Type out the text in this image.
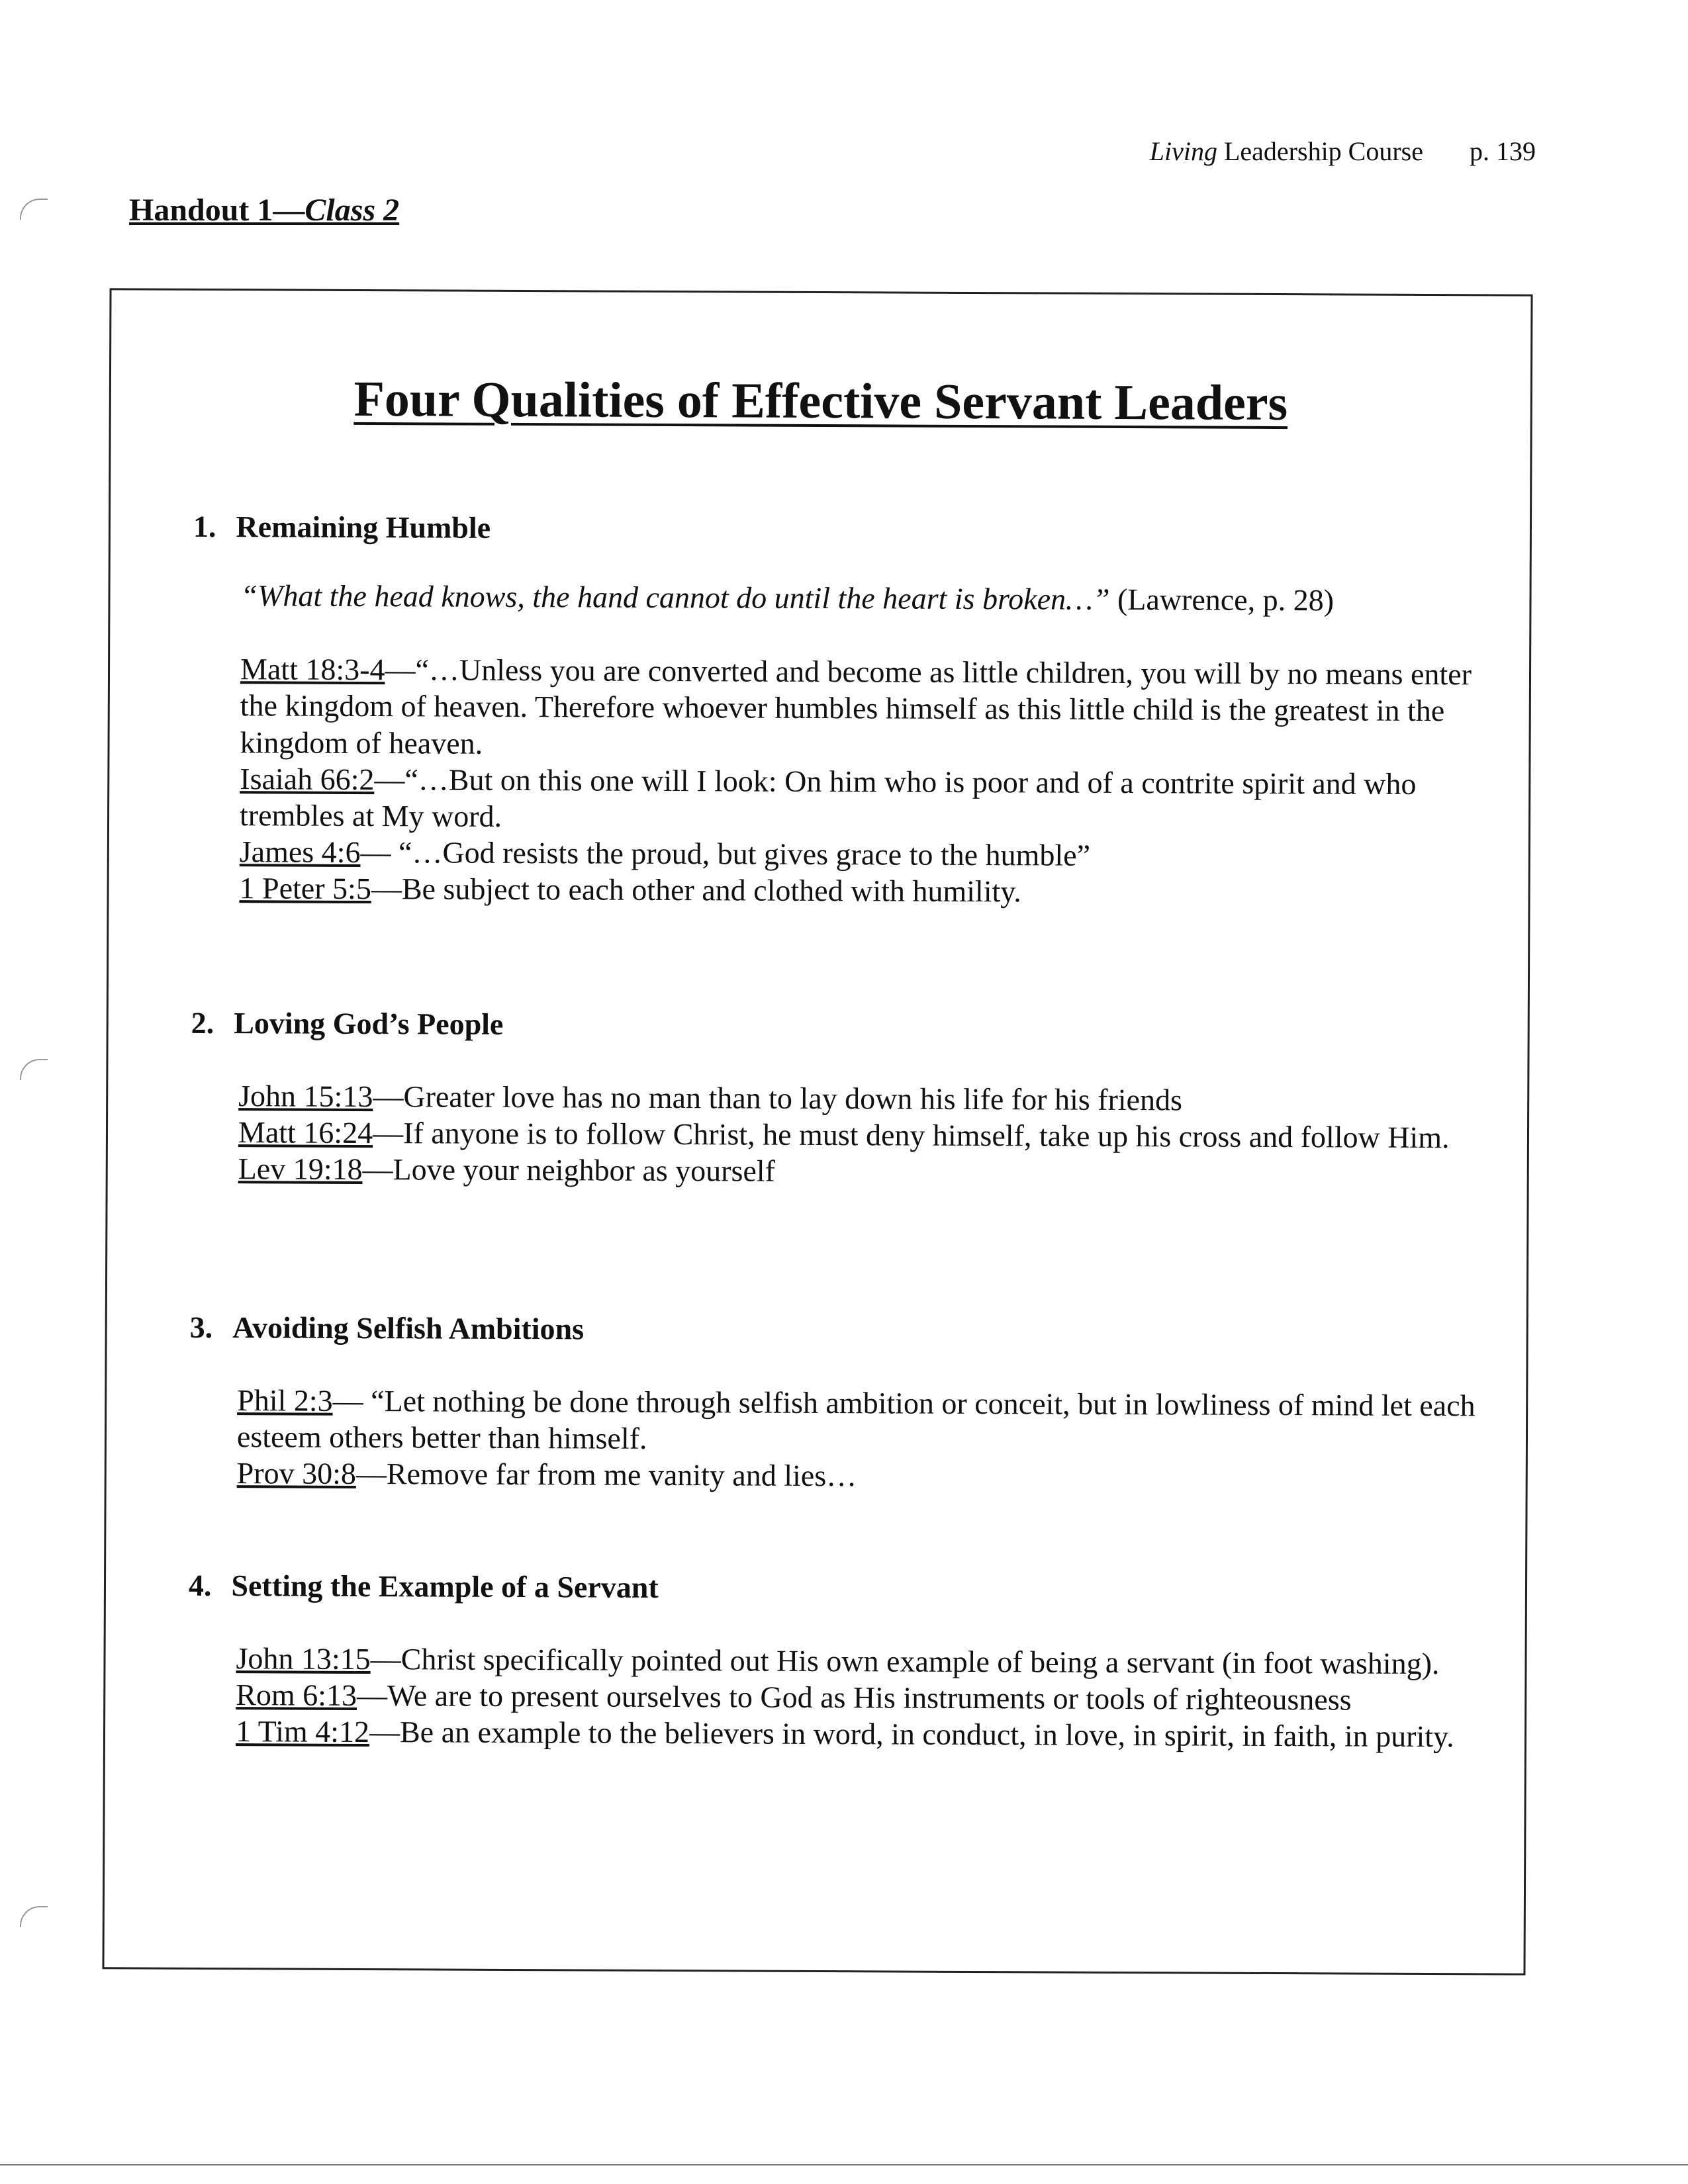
Living Leadership Course p. 139
Handout 1—Class 2
Four Qualities of Effective Servant Leaders
1. Remaining Humble
“What the head knows, the hand cannot do until the heart is broken…” (Lawrence, p. 28)

Matt 18:3-4—“…Unless you are converted and become as little children, you will by no means enter the kingdom of heaven. Therefore whoever humbles himself as this little child is the greatest in the kingdom of heaven.

Isaiah 66:2—“…But on this one will I look: On him who is poor and of a contrite spirit and who trembles at My word.

James 4:6— “…God resists the proud, but gives grace to the humble”

1 Peter 5:5—Be subject to each other and clothed with humility.

2. Loving God’s People

John 15:13—Greater love has no man than to lay down his life for his friends

Matt 16:24—If anyone is to follow Christ, he must deny himself, take up his cross and follow Him.

Lev 19:18—Love your neighbor as yourself

3. Avoiding Selfish Ambitions

Phil 2:3— “Let nothing be done through selfish ambition or conceit, but in lowliness of mind let each esteem others better than himself.

Prov 30:8—Remove far from me vanity and lies…

4. Setting the Example of a Servant

John 13:15—Christ specifically pointed out His own example of being a servant (in foot washing).

Rom 6:13—We are to present ourselves to God as His instruments or tools of righteousness

1 Tim 4:12—Be an example to the believers in word, in conduct, in love, in spirit, in faith, in purity.
